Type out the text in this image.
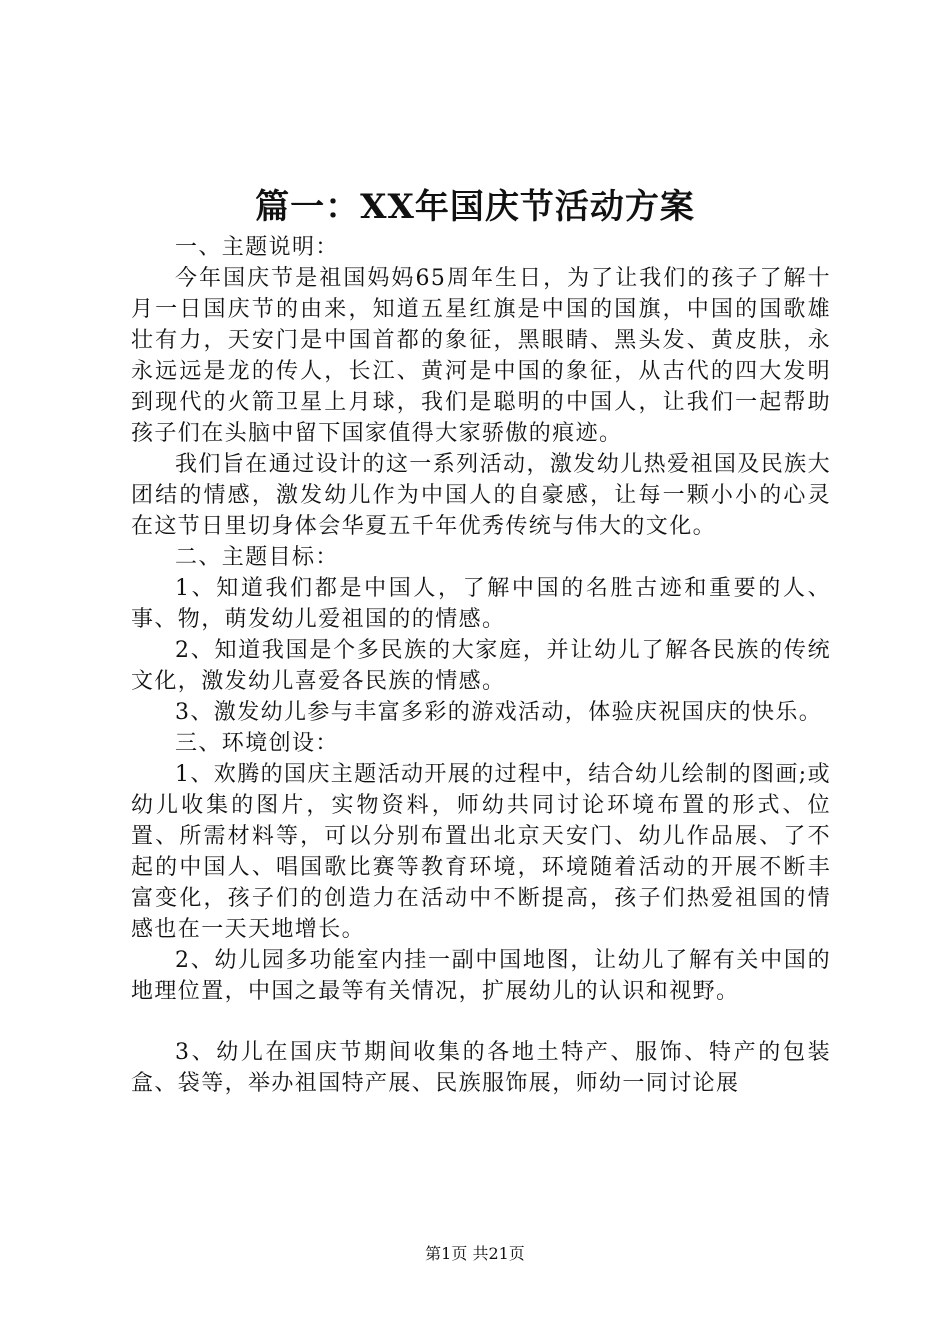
篇一：XX年国庆节活动方案

一、主题说明：

今年国庆节是祖国妈妈65周年生日，为了让我们的孩子了解十月一日国庆节的由来，知道五星红旗是中国的国旗，中国的国歌雄壮有力，天安门是中国首都的象征，黑眼睛、黑头发、黄皮肤，永永远远是龙的传人，长江、黄河是中国的象征，从古代的四大发明到现代的火箭卫星上月球，我们是聪明的中国人，让我们一起帮助孩子们在头脑中留下国家值得大家骄傲的痕迹。

我们旨在通过设计的这一系列活动，激发幼儿热爱祖国及民族大团结的情感，激发幼儿作为中国人的自豪感，让每一颗小小的心灵在这节日里切身体会华夏五千年优秀传统与伟大的文化。

二、主题目标：

1、知道我们都是中国人，了解中国的名胜古迹和重要的人、事、物，萌发幼儿爱祖国的的情感。

2、知道我国是个多民族的大家庭，并让幼儿了解各民族的传统文化，激发幼儿喜爱各民族的情感。

3、激发幼儿参与丰富多彩的游戏活动，体验庆祝国庆的快乐。

三、环境创设：

1、欢腾的国庆主题活动开展的过程中，结合幼儿绘制的图画;或幼儿收集的图片，实物资料，师幼共同讨论环境布置的形式、位置、所需材料等，可以分别布置出北京天安门、幼儿作品展、了不起的中国人、唱国歌比赛等教育环境，环境随着活动的开展不断丰富变化，孩子们的创造力在活动中不断提高，孩子们热爱祖国的情感也在一天天地增长。

2、幼儿园多功能室内挂一副中国地图，让幼儿了解有关中国的地理位置，中国之最等有关情况，扩展幼儿的认识和视野。

3、幼儿在国庆节期间收集的各地土特产、服饰、特产的包装盒、袋等，举办祖国特产展、民族服饰展，师幼一同讨论展

第1页 共21页
